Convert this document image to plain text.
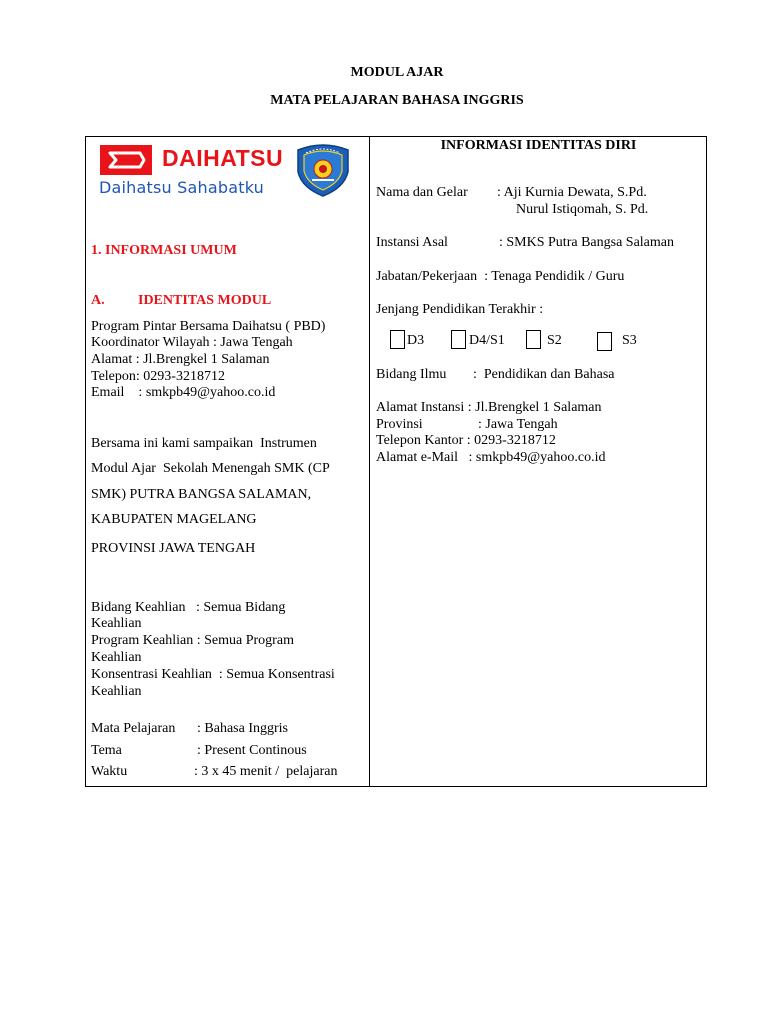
MODUL AJAR
MATA PELAJARAN BAHASA INGGRIS
DAIHATSU
Daihatsu Sahabatku
1. INFORMASI UMUM
A. IDENTITAS MODUL
Program Pintar Bersama Daihatsu ( PBD)
Koordinator Wilayah : Jawa Tengah
Alamat : Jl.Brengkel 1 Salaman
Telepon: 0293-3218712
Email    : smkpb49@yahoo.co.id
Bersama ini kami sampaikan  Instrumen
Modul Ajar  Sekolah Menengah SMK (CP
SMK) PUTRA BANGSA SALAMAN,
KABUPATEN MAGELANG
PROVINSI JAWA TENGAH
Bidang Keahlian   : Semua Bidang
Keahlian
Program Keahlian : Semua Program
Keahlian
Konsentrasi Keahlian  : Semua Konsentrasi
Keahlian
Mata Pelajaran : Bahasa Inggris
Tema	: Present Continous
Waktu	: 3 x 45 menit /  pelajaran
INFORMASI IDENTITAS DIRI
Nama dan Gelar : Aji Kurnia Dewata, S.Pd.
Nurul Istiqomah, S. Pd.
Instansi Asal	: SMKS Putra Bangsa Salaman
Jabatan/Pekerjaan  : Tenaga Pendidik / Guru
Jenjang Pendidikan Terakhir :
D3	D4/S1	S2	S3
Bidang Ilmu :  Pendidikan dan Bahasa
Alamat Instansi : Jl.Brengkel 1 Salaman
Provinsi	: Jawa Tengah
Telepon Kantor : 0293-3218712
Alamat e-Mail   : smkpb49@yahoo.co.id
